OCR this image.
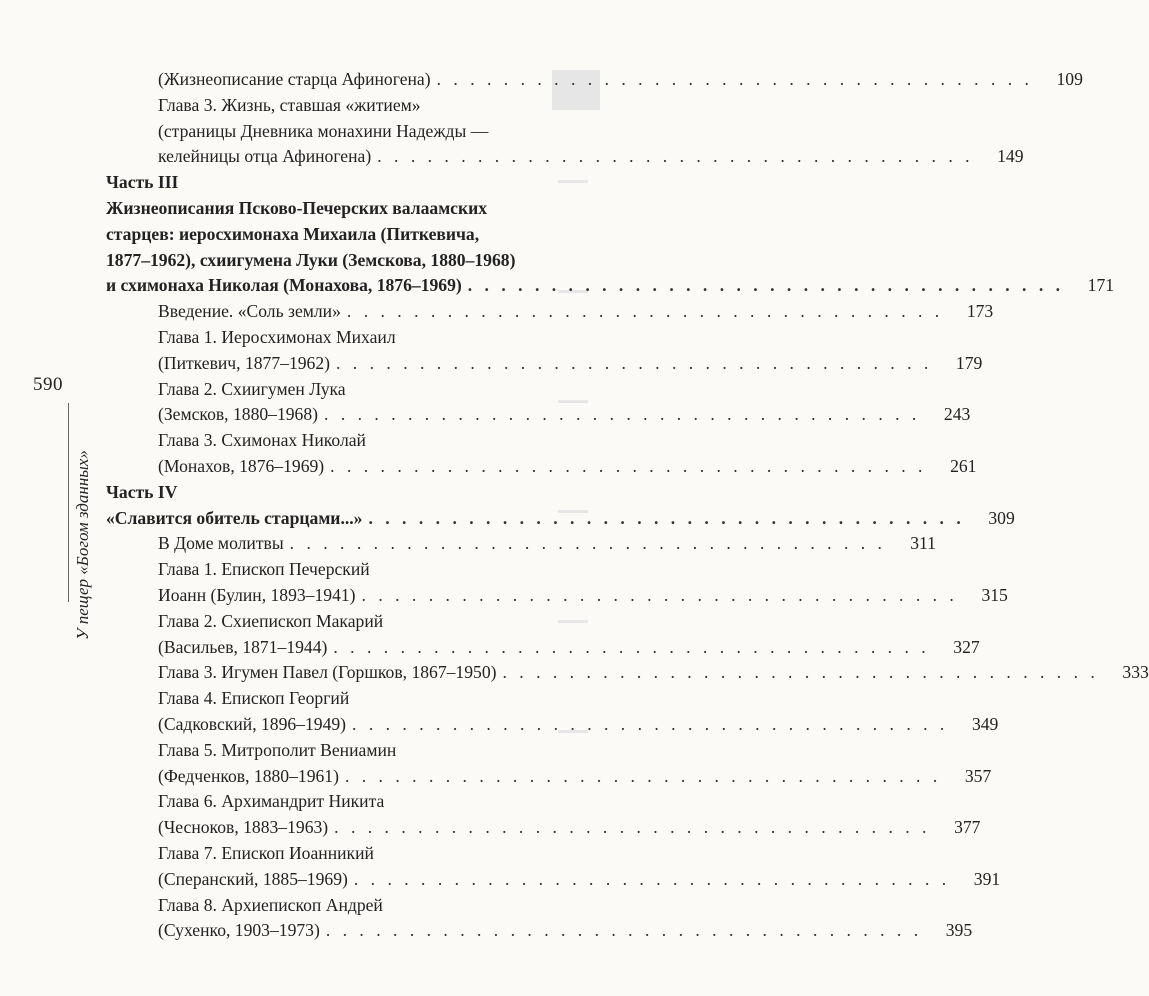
590
У пещер «Богом зданных»
(Жизнеописание старца Афиногена) . . . . . . . . . . . . . . . . . . . . . . . . . . . . . . . . . . . .	109
Глава 3. Жизнь, ставшая «житием»
(страницы Дневника монахини Надежды —
келейницы отца Афиногена) . . . . . . . . . . . . . . . . . . . . . . . . . . . . . . . . . . . .	149
Часть III
Жизнеописания Псково-Печерских валаамских
старцев: иеросхимонаха Михаила (Питкевича,
1877–1962), схиигумена Луки (Земскова, 1880–1968)
и схимонаха Николая (Монахова, 1876–1969) . . . . . . . . . . . . . . . . . . . . . . . . . . . . . . . . . . . .	171
Введение. «Соль земли» . . . . . . . . . . . . . . . . . . . . . . . . . . . . . . . . . . . .	173
Глава 1. Иеросхимонах Михаил
(Питкевич, 1877–1962) . . . . . . . . . . . . . . . . . . . . . . . . . . . . . . . . . . . .	179
Глава 2. Схиигумен Лука
(Земсков, 1880–1968) . . . . . . . . . . . . . . . . . . . . . . . . . . . . . . . . . . . .	243
Глава 3. Схимонах Николай
(Монахов, 1876–1969) . . . . . . . . . . . . . . . . . . . . . . . . . . . . . . . . . . . .	261
Часть IV
«Славится обитель старцами...» . . . . . . . . . . . . . . . . . . . . . . . . . . . . . . . . . . . .	309
В Доме молитвы . . . . . . . . . . . . . . . . . . . . . . . . . . . . . . . . . . . .	311
Глава 1. Епископ Печерский
Иоанн (Булин, 1893–1941) . . . . . . . . . . . . . . . . . . . . . . . . . . . . . . . . . . . .	315
Глава 2. Схиепископ Макарий
(Васильев, 1871–1944) . . . . . . . . . . . . . . . . . . . . . . . . . . . . . . . . . . . .	327
Глава 3. Игумен Павел (Горшков, 1867–1950) . . . . . . . . . . . . . . . . . . . . . . . . . . . . . . . . . . . .	333
Глава 4. Епископ Георгий
(Садковский, 1896–1949) . . . . . . . . . . . . . . . . . . . . . . . . . . . . . . . . . . . .	349
Глава 5. Митрополит Вениамин
(Федченков, 1880–1961) . . . . . . . . . . . . . . . . . . . . . . . . . . . . . . . . . . . .	357
Глава 6. Архимандрит Никита
(Чесноков, 1883–1963) . . . . . . . . . . . . . . . . . . . . . . . . . . . . . . . . . . . .	377
Глава 7. Епископ Иоанникий
(Сперанский, 1885–1969) . . . . . . . . . . . . . . . . . . . . . . . . . . . . . . . . . . . .	391
Глава 8. Архиепископ Андрей
(Сухенко, 1903–1973) . . . . . . . . . . . . . . . . . . . . . . . . . . . . . . . . . . . .	395
